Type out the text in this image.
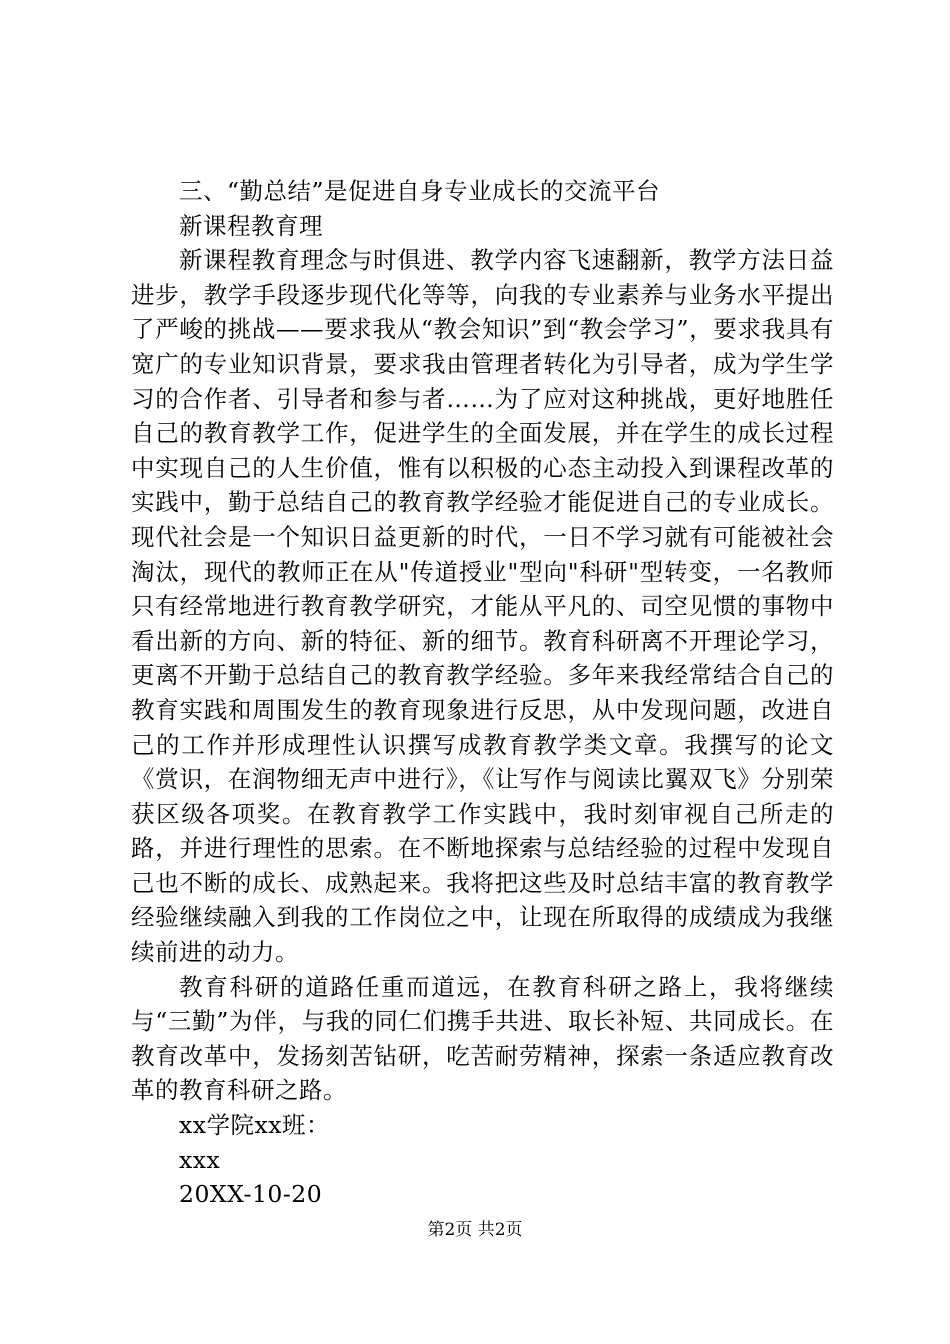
三、“勤总结”是促进自身专业成长的交流平台

新课程教育理

新课程教育理念与时俱进、教学内容飞速翻新，教学方法日益进步，教学手段逐步现代化等等，向我的专业素养与业务水平提出了严峻的挑战——要求我从“教会知识”到“教会学习”，要求我具有宽广的专业知识背景，要求我由管理者转化为引导者，成为学生学习的合作者、引导者和参与者……为了应对这种挑战，更好地胜任自己的教育教学工作，促进学生的全面发展，并在学生的成长过程中实现自己的人生价值，惟有以积极的心态主动投入到课程改革的实践中，勤于总结自己的教育教学经验才能促进自己的专业成长。现代社会是一个知识日益更新的时代，一日不学习就有可能被社会淘汰，现代的教师正在从"传道授业"型向"科研"型转变，一名教师只有经常地进行教育教学研究，才能从平凡的、司空见惯的事物中看出新的方向、新的特征、新的细节。教育科研离不开理论学习，更离不开勤于总结自己的教育教学经验。多年来我经常结合自己的教育实践和周围发生的教育现象进行反思，从中发现问题，改进自己的工作并形成理性认识撰写成教育教学类文章。我撰写的论文《赏识，在润物细无声中进行》，《让写作与阅读比翼双飞》分别荣获区级各项奖。在教育教学工作实践中，我时刻审视自己所走的路，并进行理性的思索。在不断地探索与总结经验的过程中发现自己也不断的成长、成熟起来。我将把这些及时总结丰富的教育教学经验继续融入到我的工作岗位之中，让现在所取得的成绩成为我继续前进的动力。

教育科研的道路任重而道远，在教育科研之路上，我将继续与“三勤”为伴，与我的同仁们携手共进、取长补短、共同成长。在教育改革中，发扬刻苦钻研，吃苦耐劳精神，探索一条适应教育改革的教育科研之路。

xx学院xx班：

xxx

20XX-10-20

第2页 共2页
